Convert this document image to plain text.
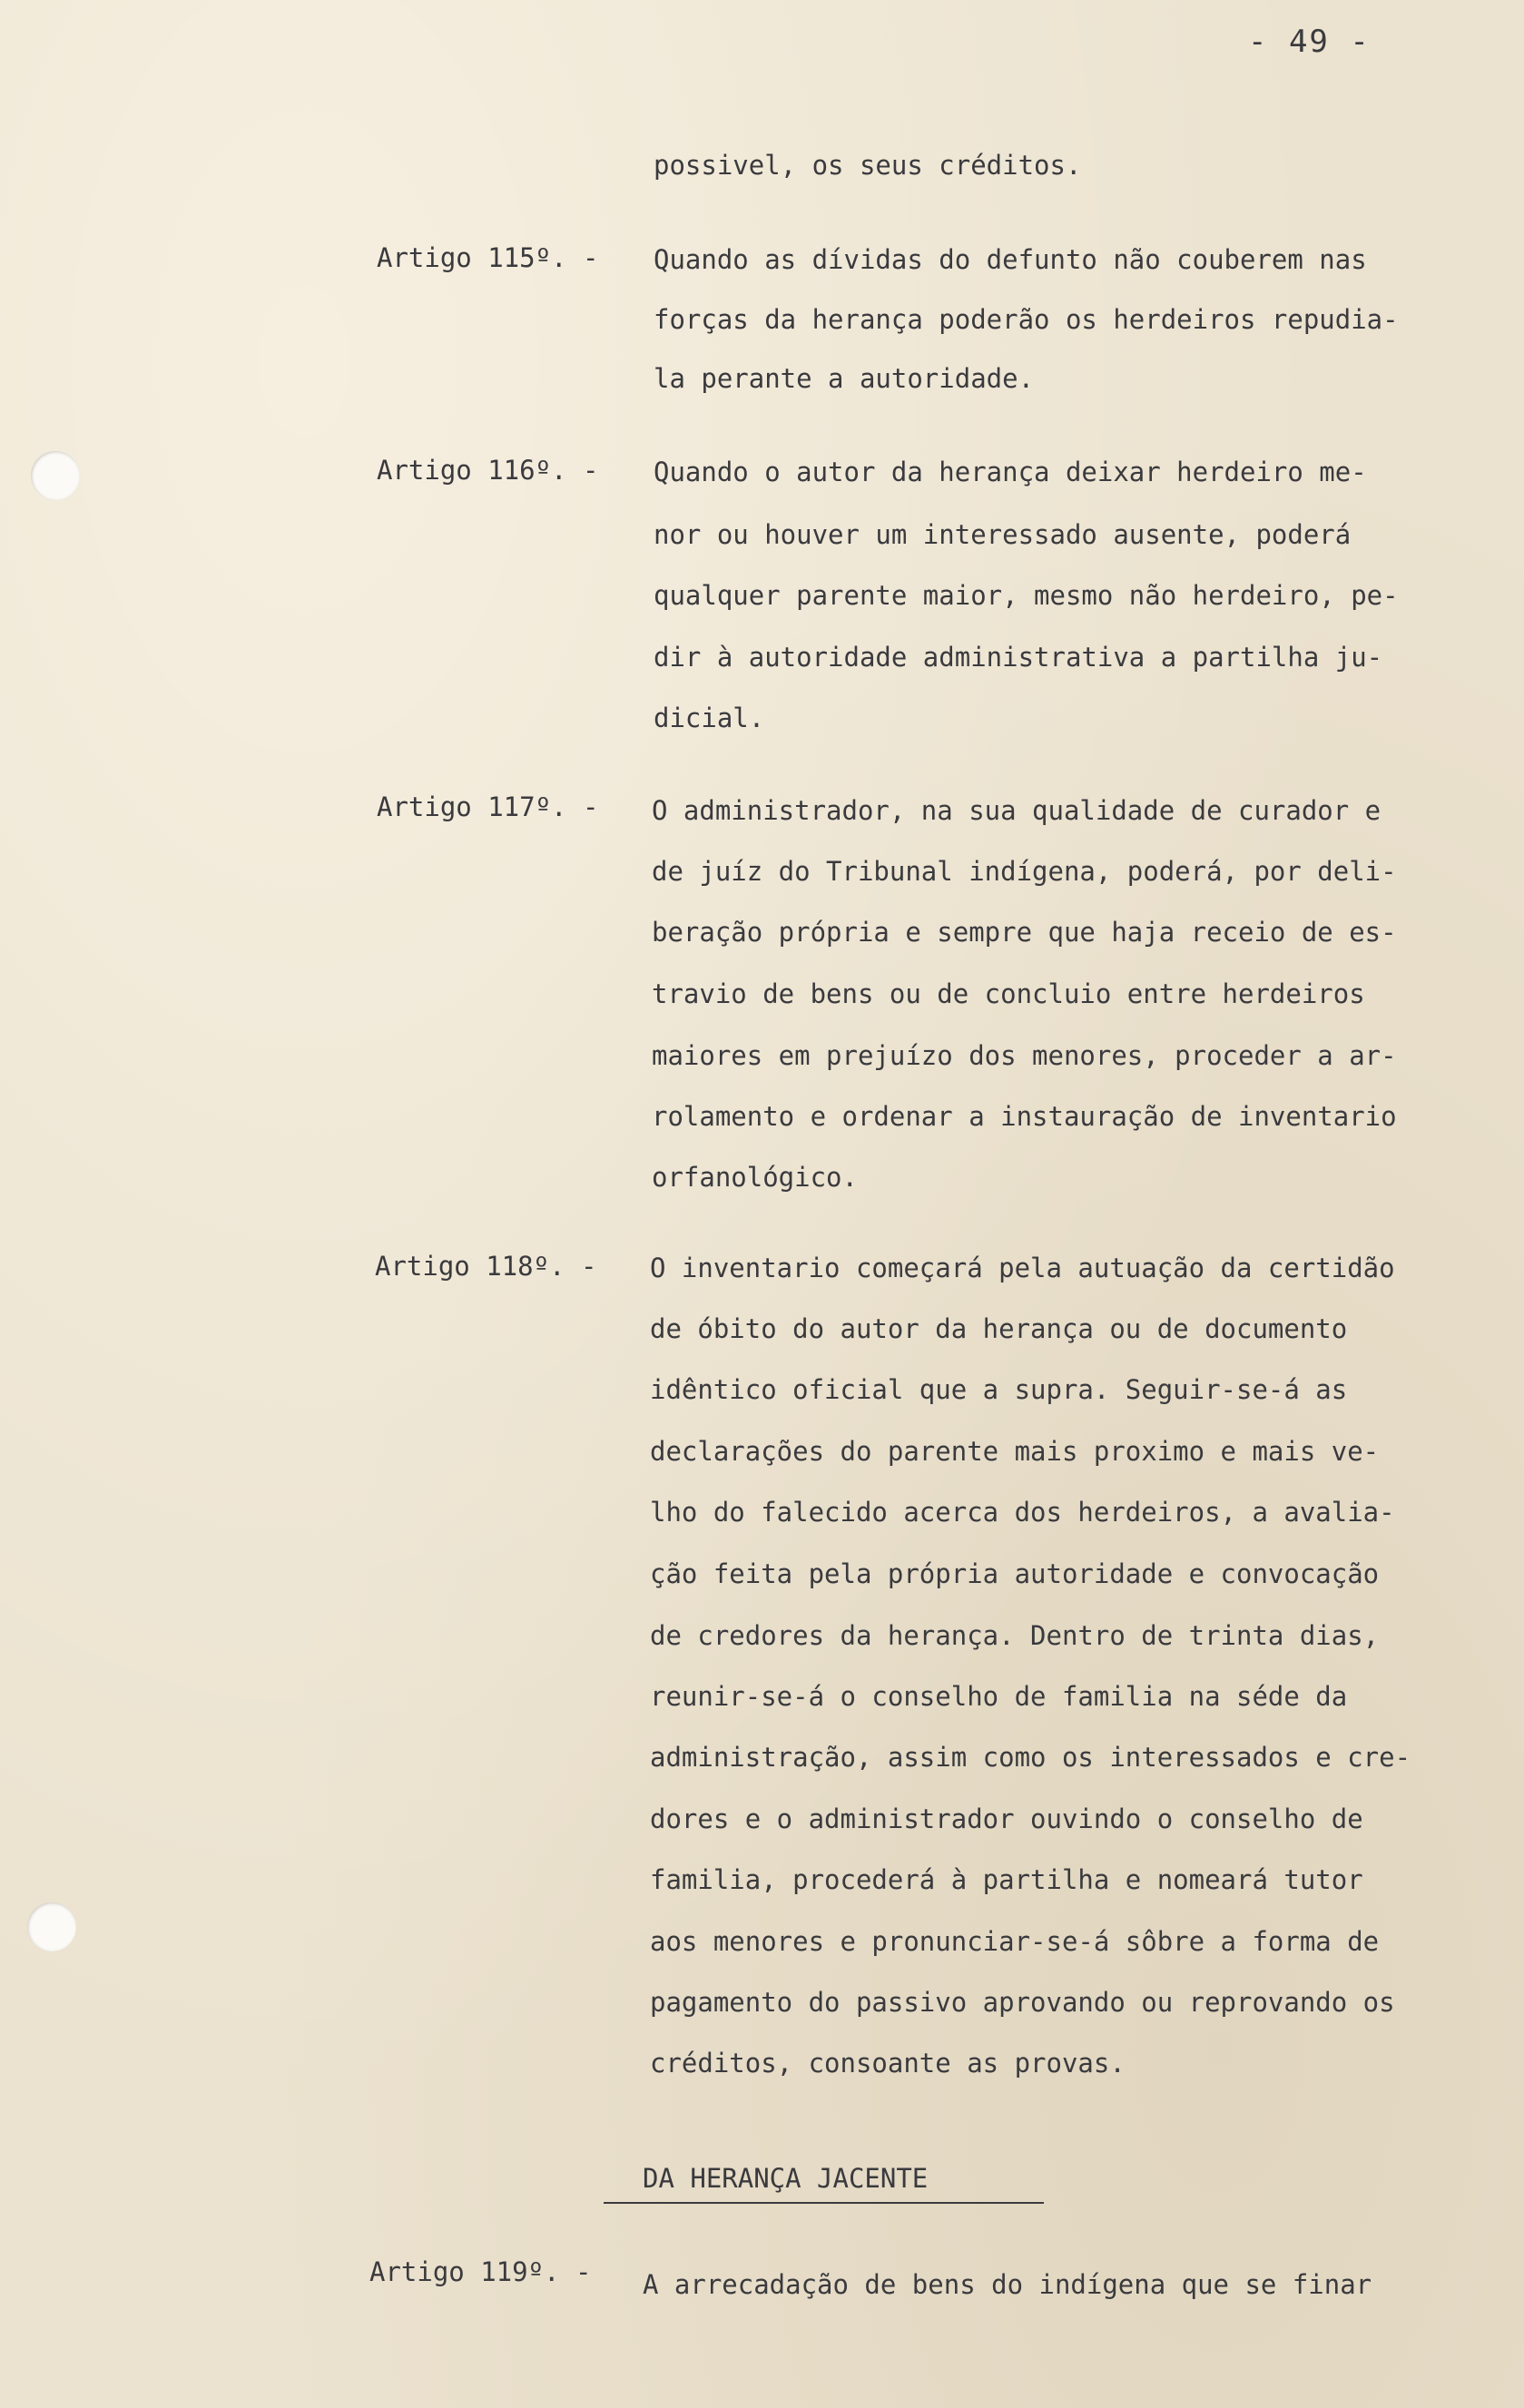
- 49 -
possivel, os seus créditos.
Artigo 115º. - Quando as dívidas do defunto não couberem nas
forças da herança poderão os herdeiros repudia-
la perante a autoridade.
Artigo 116º. - Quando o autor da herança deixar herdeiro me-
nor ou houver um interessado ausente, poderá
qualquer parente maior, mesmo não herdeiro, pe-
dir à autoridade administrativa a partilha ju-
dicial.
Artigo 117º. - O administrador, na sua qualidade de curador e
de juíz do Tribunal indígena, poderá, por deli-
beração própria e sempre que haja receio de es-
travio de bens ou de concluio entre herdeiros
maiores em prejuízo dos menores, proceder a ar-
rolamento e ordenar a instauração de inventario
orfanológico.
Artigo 118º. - O inventario começará pela autuação da certidão
de óbito do autor da herança ou de documento
idêntico oficial que a supra. Seguir-se-á as
declarações do parente mais proximo e mais ve-
lho do falecido acerca dos herdeiros, a avalia-
ção feita pela própria autoridade e convocação
de credores da herança. Dentro de trinta dias,
reunir-se-á o conselho de familia na séde da
administração, assim como os interessados e cre-
dores e o administrador ouvindo o conselho de
familia, procederá à partilha e nomeará tutor
aos menores e pronunciar-se-á sôbre a forma de
pagamento do passivo aprovando ou reprovando os
créditos, consoante as provas.
DA HERANÇA JACENTE
Artigo 119º. - A arrecadação de bens do indígena que se finar
